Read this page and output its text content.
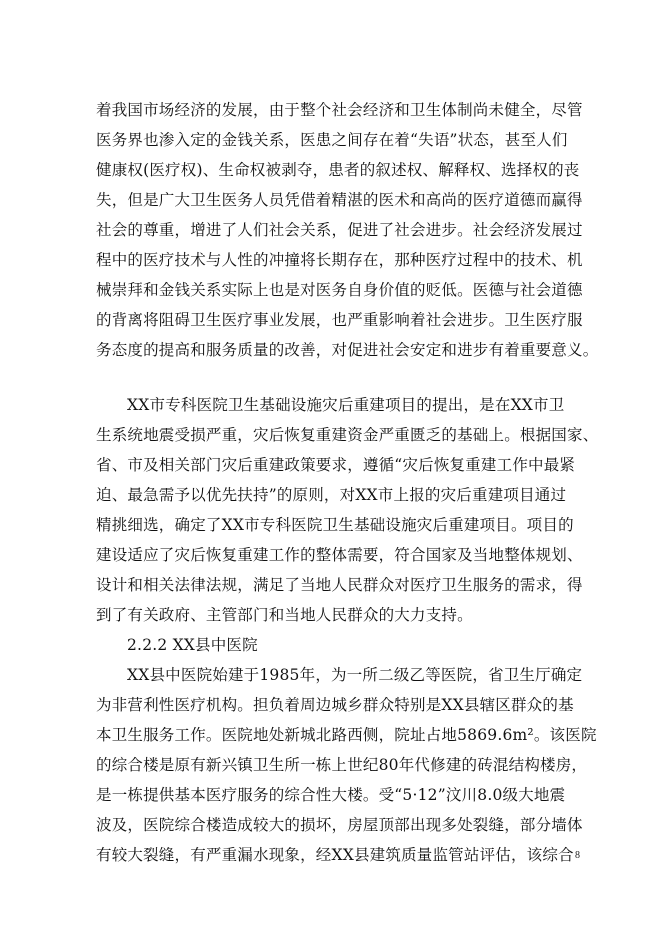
着我国市场经济的发展，由于整个社会经济和卫生体制尚未健全，尽管
医务界也渗入定的金钱关系，医患之间存在着“失语”状态，甚至人们
健康权(医疗权)、生命权被剥夺，患者的叙述权、解释权、选择权的丧
失，但是广大卫生医务人员凭借着精湛的医术和高尚的医疗道德而赢得
社会的尊重，增进了人们社会关系，促进了社会进步。社会经济发展过
程中的医疗技术与人性的冲撞将长期存在，那种医疗过程中的技术、机
械崇拜和金钱关系实际上也是对医务自身价值的贬低。医德与社会道德
的背离将阻碍卫生医疗事业发展，也严重影响着社会进步。卫生医疗服
务态度的提高和服务质量的改善，对促进社会安定和进步有着重要意义。
XX市专科医院卫生基础设施灾后重建项目的提出，是在XX市卫
生系统地震受损严重，灾后恢复重建资金严重匮乏的基础上。根据国家、
省、市及相关部门灾后重建政策要求，遵循“灾后恢复重建工作中最紧
迫、最急需予以优先扶持”的原则，对XX市上报的灾后重建项目通过
精挑细选，确定了XX市专科医院卫生基础设施灾后重建项目。项目的
建设适应了灾后恢复重建工作的整体需要，符合国家及当地整体规划、
设计和相关法律法规，满足了当地人民群众对医疗卫生服务的需求，得
到了有关政府、主管部门和当地人民群众的大力支持。
2.2.2 XX县中医院
XX县中医院始建于1985年，为一所二级乙等医院，省卫生厅确定
为非营利性医疗机构。担负着周边城乡群众特别是XX县辖区群众的基
本卫生服务工作。医院地处新城北路西侧，院址占地5869.6m²。该医院
的综合楼是原有新兴镇卫生所一栋上世纪80年代修建的砖混结构楼房，
是一栋提供基本医疗服务的综合性大楼。受“5·12”汶川8.0级大地震
波及，医院综合楼造成较大的损坏，房屋顶部出现多处裂缝，部分墙体
有较大裂缝，有严重漏水现象，经XX县建筑质量监管站评估，该综合 8
